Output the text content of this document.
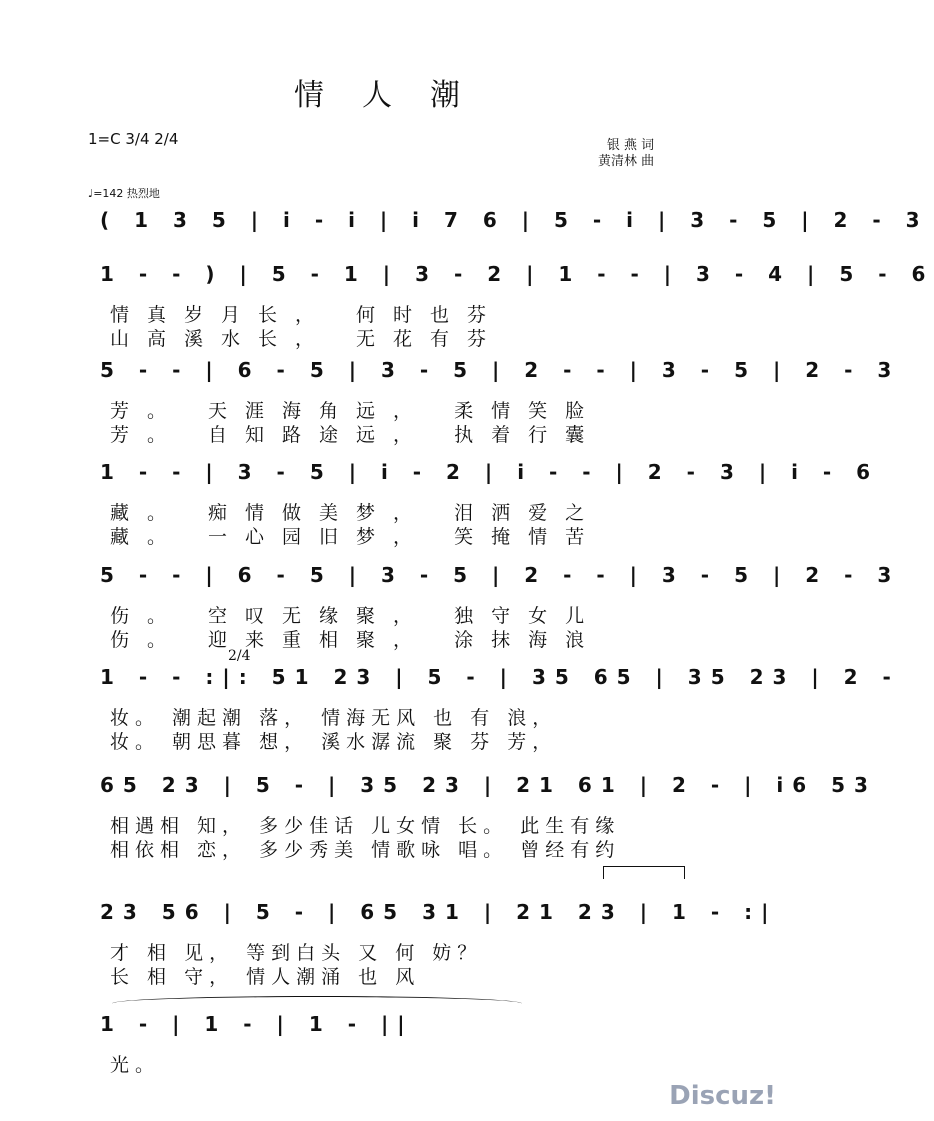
情人潮
1=C 3/4 2/4	银 燕 词
黄清林 曲
♩=142 热烈地
( 1 3 5 | i - i | i 7 6 | 5 - i | 3 - 5 | 2 - 3
1 - - ) | 5 - 1 | 3 - 2 | 1 - - | 3 - 4 | 5 - 6
情真岁月长， 何时也芬
山高溪水长， 无花有芬
5 - - | 6 - 5 | 3 - 5 | 2 - - | 3 - 5 | 2 - 3
芳。 天涯海角远， 柔情笑脸
芳。 自知路途远， 执着行囊
1 - - | 3 - 5 | i - 2 | i - - | 2 - 3 | i - 6
藏。 痴情做美梦， 泪洒爱之
藏。 一心园旧梦， 笑掩情苦
5 - - | 6 - 5 | 3 - 5 | 2 - - | 3 - 5 | 2 - 3
伤。 空叹无缘聚， 独守女儿
伤。 迎来重相聚， 涂抹海浪
1 - - :|: 51 23 | 5 - | 35 65 | 35 23 | 2 -
妆。 潮起潮 落， 情海无风 也 有 浪，
妆。 朝思暮 想， 溪水潺流 聚 芬 芳，
65 23 | 5 - | 35 23 | 21 61 | 2 - | i6 53
相遇相 知， 多少佳话 儿女情 长。 此生有缘
相依相 恋， 多少秀美 情歌咏 唱。 曾经有约
23 56 | 5 - | 65 31 | 21 23 | 1 - :|
才 相 见， 等到白头 又 何 妨？
长 相 守， 情人潮涌 也 风
1 - | 1 - | 1 - ||
光。
2/4
Discuz!
